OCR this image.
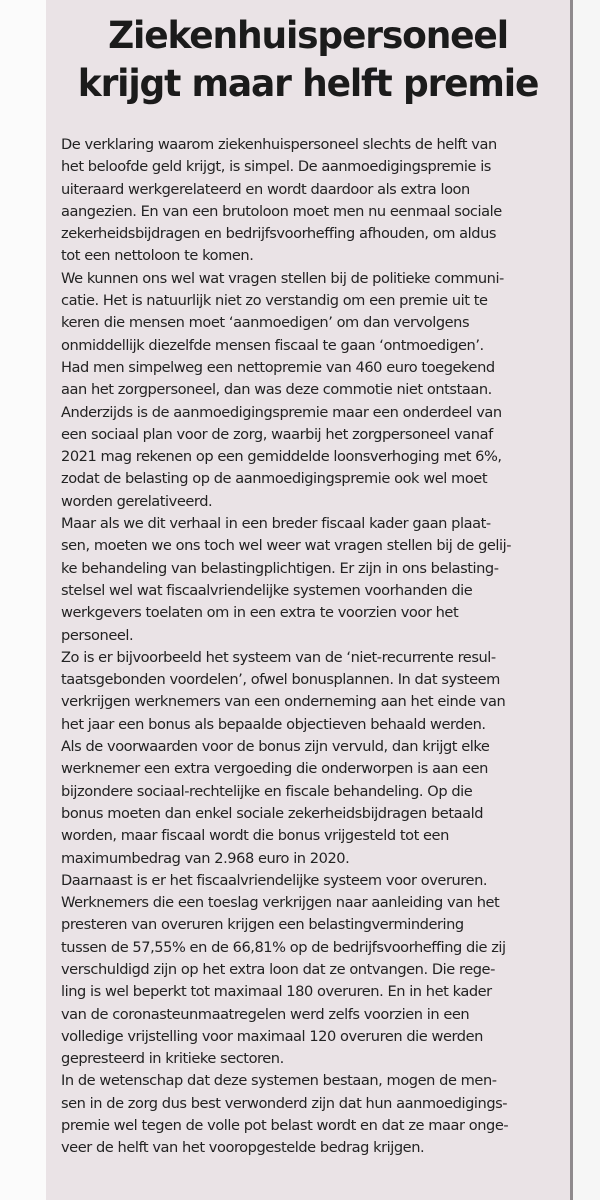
Ziekenhuispersoneel
krijgt maar helft premie

De verklaring waarom ziekenhuispersoneel slechts de helft van
het beloofde geld krijgt, is simpel. De aanmoedigingspremie is
uiteraard werkgerelateerd en wordt daardoor als extra loon
aangezien. En van een brutoloon moet men nu eenmaal sociale
zekerheidsbijdragen en bedrijfsvoorheffing afhouden, om aldus
tot een nettoloon te komen.

We kunnen ons wel wat vragen stellen bij de politieke communi-
catie. Het is natuurlijk niet zo verstandig om een premie uit te
keren die mensen moet ‘aanmoedigen’ om dan vervolgens
onmiddellijk diezelfde mensen fiscaal te gaan ‘ontmoedigen’.
Had men simpelweg een nettopremie van 460 euro toegekend
aan het zorgpersoneel, dan was deze commotie niet ontstaan.
Anderzijds is de aanmoedigingspremie maar een onderdeel van
een sociaal plan voor de zorg, waarbij het zorgpersoneel vanaf
2021 mag rekenen op een gemiddelde loonsverhoging met 6%,
zodat de belasting op de aanmoedigingspremie ook wel moet
worden gerelativeerd.

Maar als we dit verhaal in een breder fiscaal kader gaan plaat-
sen, moeten we ons toch wel weer wat vragen stellen bij de gelij-
ke behandeling van belastingplichtigen. Er zijn in ons belasting-
stelsel wel wat fiscaalvriendelijke systemen voorhanden die
werkgevers toelaten om in een extra te voorzien voor het
personeel.

Zo is er bijvoorbeeld het systeem van de ‘niet-recurrente resul-
taatsgebonden voordelen’, ofwel bonusplannen. In dat systeem
verkrijgen werknemers van een onderneming aan het einde van
het jaar een bonus als bepaalde objectieven behaald werden.
Als de voorwaarden voor de bonus zijn vervuld, dan krijgt elke
werknemer een extra vergoeding die onderworpen is aan een
bijzondere sociaal-rechtelijke en fiscale behandeling. Op die
bonus moeten dan enkel sociale zekerheidsbijdragen betaald
worden, maar fiscaal wordt die bonus vrijgesteld tot een
maximumbedrag van 2.968 euro in 2020.

Daarnaast is er het fiscaalvriendelijke systeem voor overuren.
Werknemers die een toeslag verkrijgen naar aanleiding van het
presteren van overuren krijgen een belastingvermindering
tussen de 57,55% en de 66,81% op de bedrijfsvoorheffing die zij
verschuldigd zijn op het extra loon dat ze ontvangen. Die rege-
ling is wel beperkt tot maximaal 180 overuren. En in het kader
van de coronasteunmaatregelen werd zelfs voorzien in een
volledige vrijstelling voor maximaal 120 overuren die werden
gepresteerd in kritieke sectoren.

In de wetenschap dat deze systemen bestaan, mogen de men-
sen in de zorg dus best verwonderd zijn dat hun aanmoedigings-
premie wel tegen de volle pot belast wordt en dat ze maar onge-
veer de helft van het vooropgestelde bedrag krijgen.
